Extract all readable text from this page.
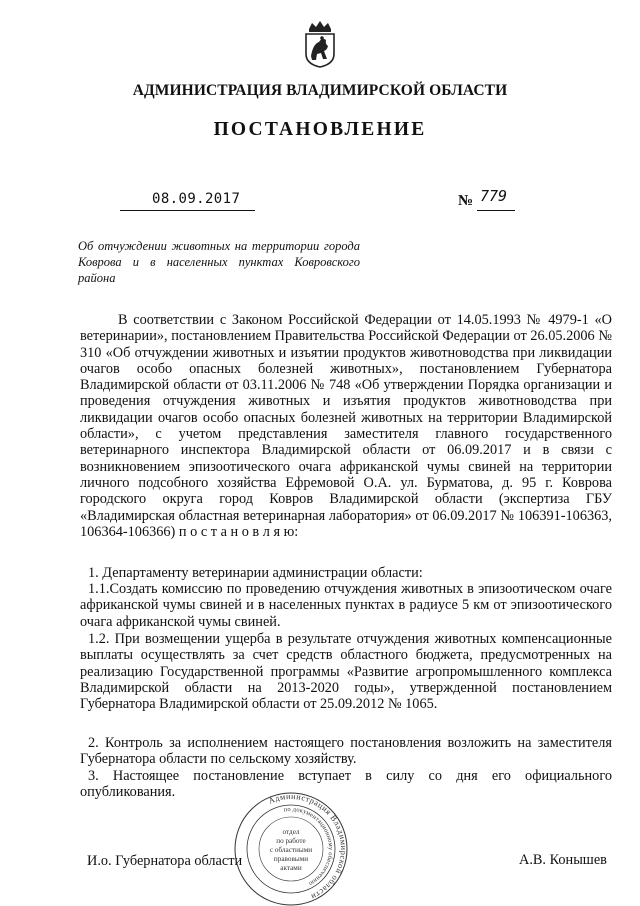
АДМИНИСТРАЦИЯ ВЛАДИМИРСКОЙ ОБЛАСТИ
ПОСТАНОВЛЕНИЕ
08.09.2017	№ 779
Об отчуждении животных на территории города Коврова и в населенных пунктах Ковровского района
В соответствии с Законом Российской Федерации от 14.05.1993 № 4979-1 «О ветеринарии», постановлением Правительства Российской Федерации от 26.05.2006 № 310 «Об отчуждении животных и изъятии продуктов животноводства при ликвидации очагов особо опасных болезней животных», постановлением Губернатора Владимирской области от 03.11.2006 № 748 «Об утверждении Порядка организации и проведения отчуждения животных и изъятия продуктов животноводства при ликвидации очагов особо опасных болезней животных на территории Владимирской области», с учетом представления заместителя главного государственного ветеринарного инспектора Владимирской области от 06.09.2017 и в связи с возникновением эпизоотического очага африканской чумы свиней на территории личного подсобного хозяйства Ефремовой О.А. ул. Бурматова, д. 95 г. Коврова городского округа город Ковров Владимирской области (экспертиза ГБУ «Владимирская областная ветеринарная лаборатория» от 06.09.2017 № 106391-106363, 106364-106366) п о с т а н о в л я ю:
1. Департаменту ветеринарии администрации области:
1.1.Создать комиссию по проведению отчуждения животных в эпизоотическом очаге африканской чумы свиней и в населенных пунктах в радиусе 5 км от эпизоотического очага африканской чумы свиней.
1.2. При возмещении ущерба в результате отчуждения животных компенсационные выплаты осуществлять за счет средств областного бюджета, предусмотренных на реализацию Государственной программы «Развитие агропромышленного комплекса Владимирской области на 2013-2020 годы», утвержденной постановлением Губернатора Владимирской области от 25.09.2012 № 1065.
2. Контроль за исполнением настоящего постановления возложить на заместителя Губернатора области по сельскому хозяйству.
3. Настоящее постановление вступает в силу со дня его официального опубликования.
И.о. Губернатора области	А.В. Конышев
Администрация Владимирской области
по документационному обеспечению
отдел
по работе
с областными
правовыми
актами
